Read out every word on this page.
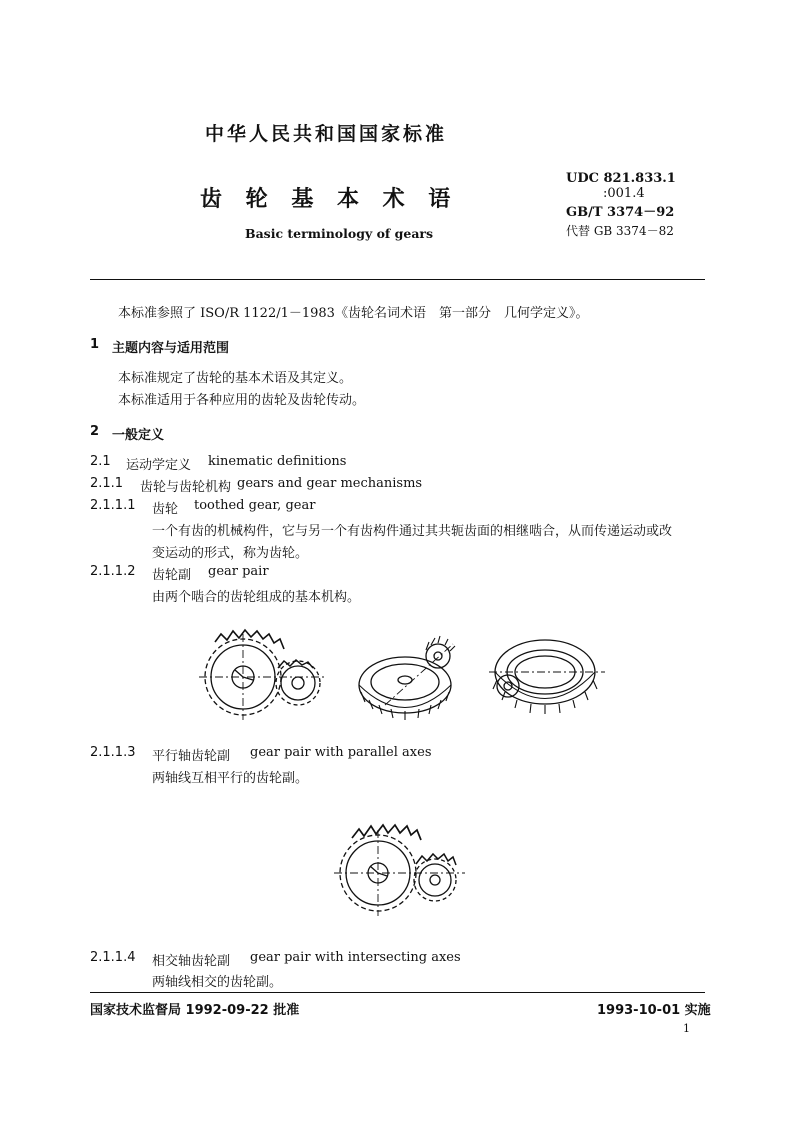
中华人民共和国国家标准
齿 轮 基 本 术 语
Basic terminology of gears
UDC 821.833.1
:001.4
GB/T 3374－92
代替 GB 3374－82
本标准参照了 ISO/R 1122/1－1983《齿轮名词术语　第一部分　几何学定义》。
1 主题内容与适用范围
本标准规定了齿轮的基本术语及其定义。
本标准适用于各种应用的齿轮及齿轮传动。
2 一般定义
2.1 运动学定义 kinematic definitions
2.1.1 齿轮与齿轮机构 gears and gear mechanisms
2.1.1.1 齿轮 toothed gear, gear
一个有齿的机械构件，它与另一个有齿构件通过其共轭齿面的相继啮合，从而传递运动或改
变运动的形式，称为齿轮。
2.1.1.2 齿轮副 gear pair
由两个啮合的齿轮组成的基本机构。
2.1.1.3 平行轴齿轮副 gear pair with parallel axes
两轴线互相平行的齿轮副。
2.1.1.4 相交轴齿轮副 gear pair with intersecting axes
两轴线相交的齿轮副。
国家技术监督局 1992-09-22 批准	1993-10-01 实施
1
